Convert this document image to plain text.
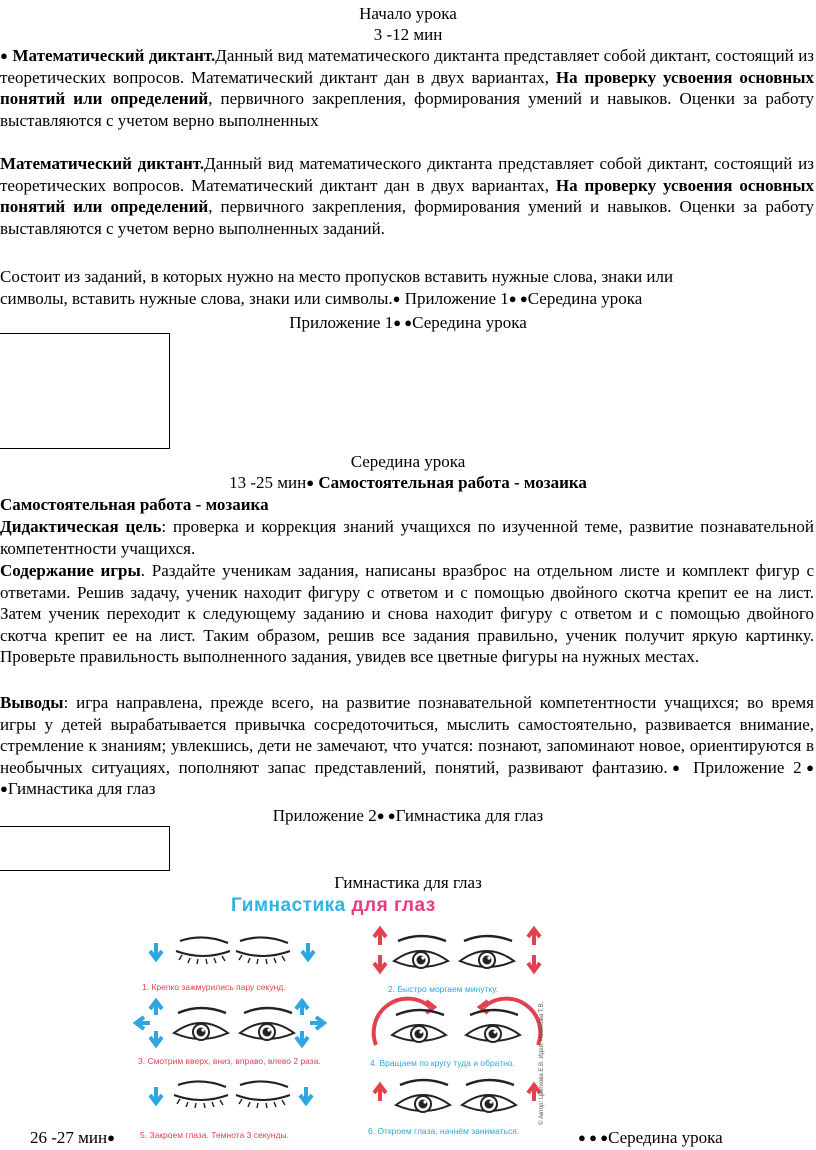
Начало урока
3 -12 мин
● Математический диктант.Данный вид математического диктанта представляет собой диктант, состоящий из теоретических вопросов. Математический диктант дан в двух вариантах, На проверку усвоения основных понятий или определений, первичного закрепления, формирования умений и навыков. Оценки за работу выставляются с учетом верно выполненных
Математический диктант.Данный вид математического диктанта представляет собой диктант, состоящий из теоретических вопросов. Математический диктант дан в двух вариантах, На проверку усвоения основных понятий или определений, первичного закрепления, формирования умений и навыков. Оценки за работу выставляются с учетом верно выполненных заданий.
Состоит из заданий, в которых нужно на место пропусков вставить нужные слова, знаки или
символы, вставить нужные слова, знаки или символы.● Приложение 1● ●Середина урока
Приложение 1● ●Середина урока
Середина урока
13 -25 мин● Самостоятельная работа - мозаика
Самостоятельная работа - мозаика
Дидактическая цель: проверка и коррекция знаний учащихся по изученной теме, развитие познавательной компетентности учащихся.
Содержание игры. Раздайте ученикам задания, написаны вразброс на отдельном листе и комплект фигур с ответами. Решив задачу, ученик находит фигуру с ответом и с помощью двойного скотча крепит ее на лист. Затем ученик переходит к следующему заданию и снова находит фигуру с ответом и с помощью двойного скотча крепит ее на лист. Таким образом, решив все задания правильно, ученик получит яркую картинку. Проверьте правильность выполненного задания, увидев все цветные фигуры на нужных местах.
Выводы: игра направлена, прежде всего, на развитие познавательной компетентности учащихся; во время игры у детей вырабатывается привычка сосредоточиться, мыслить самостоятельно, развивается внимание, стремление к знаниям; увлекшись, дети не замечают, что учатся: познают, запоминают новое, ориентируются в необычных ситуациях, пополняют запас представлений, понятий, развивают фантазию.● Приложение 2● ●Гимнастика для глаз
Приложение 2● ●Гимнастика для глаз
Гимнастика для глаз
Гимнастика для глаз
1. Крепко зажмурились пару секунд.	2. Быстро моргаем минутку.
3. Смотрим вверх, вниз, вправо, влево 2 раза.	4. Вращаем по кругу туда и обратно.
5. Закроем глаза. Темнота 3 секунды.	6. Откроем глаза, начнём заниматься.
© Автор: Цветкова Е.В. Идея: Несонова Т.В.
26 -27 мин●	● ● ●Середина урока
